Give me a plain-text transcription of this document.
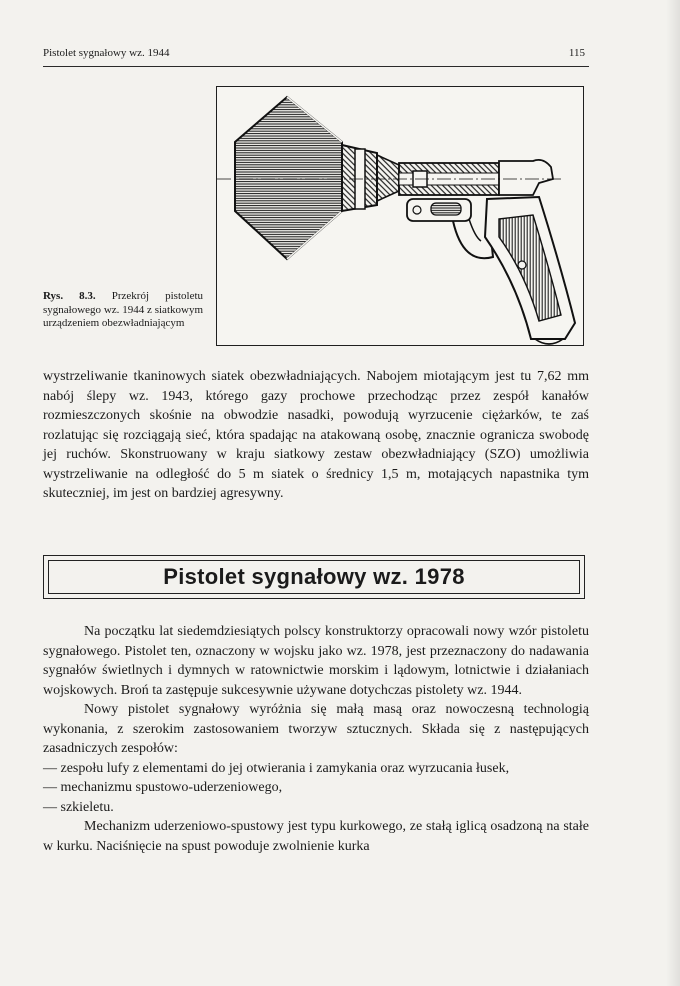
Pistolet sygnałowy wz. 1944	115
Rys. 8.3. Przekrój pistoletu sygnałowego wz. 1944 z siatkowym urządzeniem obezwładniającym

wystrzeliwanie tkaninowych siatek obezwładniających. Nabojem miotającym jest tu 7,62 mm nabój ślepy wz. 1943, którego gazy prochowe przechodząc przez zespół kanałów rozmieszczonych skośnie na obwodzie nasadki, powodują wyrzucenie ciężarków, te zaś rozlatując się rozciągają sieć, która spadając na atakowaną osobę, znacznie ogranicza swobodę jej ruchów. Skonstruowany w kraju siatkowy zestaw obezwładniający (SZO) umożliwia wystrzeliwanie na odległość do 5 m siatek o średnicy 1,5 m, motających napastnika tym skuteczniej, im jest on bardziej agresywny.

Pistolet sygnałowy wz. 1978

Na początku lat siedemdziesiątych polscy konstruktorzy opracowali nowy wzór pistoletu sygnałowego. Pistolet ten, oznaczony w wojsku jako wz. 1978, jest przeznaczony do nadawania sygnałów świetlnych i dymnych w ratownictwie morskim i lądowym, lotnictwie i działaniach wojskowych. Broń ta zastępuje sukcesywnie używane dotychczas pistolety wz. 1944.

Nowy pistolet sygnałowy wyróżnia się małą masą oraz nowoczesną technologią wykonania, z szerokim zastosowaniem tworzyw sztucznych. Składa się z następujących zasadniczych zespołów:

— zespołu lufy z elementami do jej otwierania i zamykania oraz wyrzucania łusek,

— mechanizmu spustowo-uderzeniowego,

— szkieletu.

Mechanizm uderzeniowo-spustowy jest typu kurkowego, ze stałą iglicą osadzoną na stałe w kurku. Naciśnięcie na spust powoduje zwolnienie kurka
